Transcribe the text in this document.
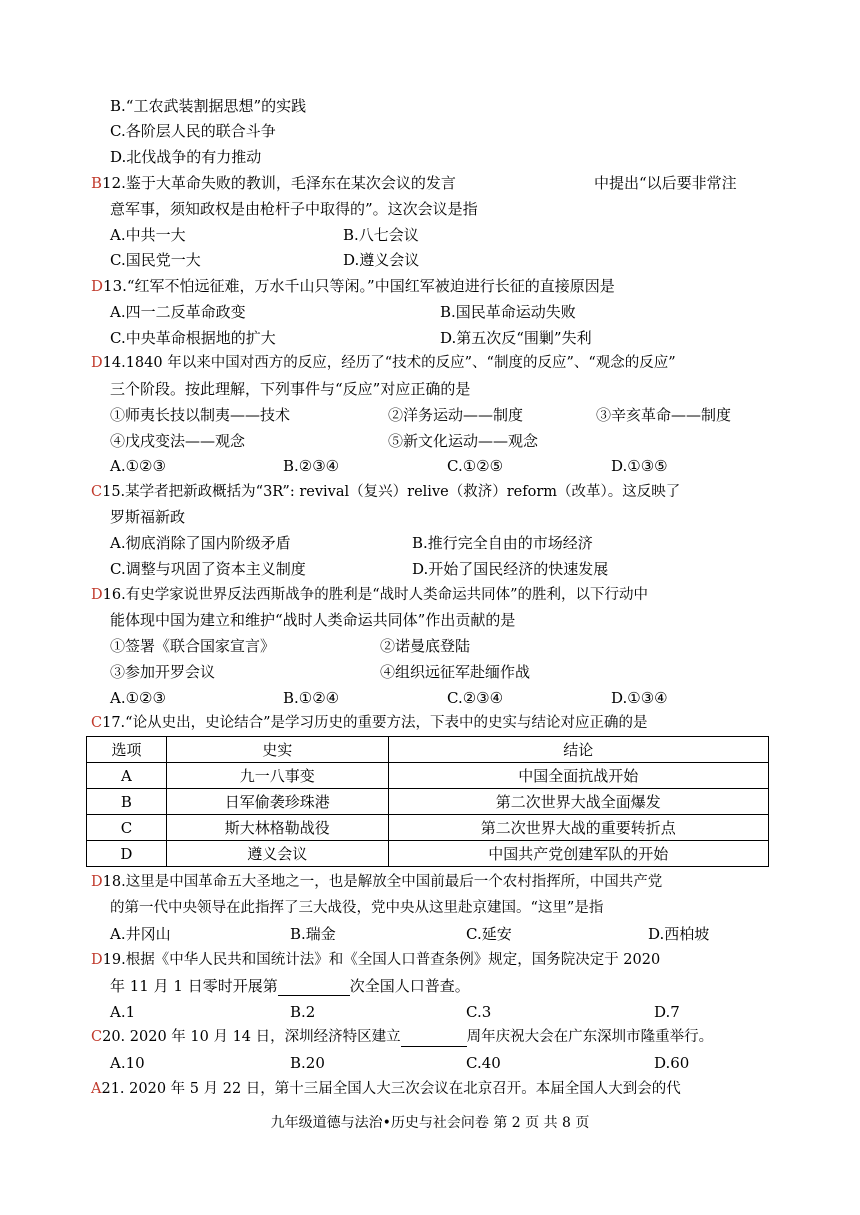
B.“工农武装割据思想”的实践
C.各阶层人民的联合斗争
D.北伐战争的有力推动
B12.鉴于大革命失败的教训，毛泽东在某次会议的发言	中提出“以后要非常注
意军事，须知政权是由枪杆子中取得的”。这次会议是指
A.中共一大	B.八七会议
C.国民党一大	D.遵义会议
D13.“红军不怕远征难，万水千山只等闲。”中国红军被迫进行长征的直接原因是
A.四一二反革命政变	B.国民革命运动失败
C.中央革命根据地的扩大	D.第五次反“围剿”失利
D14.1840 年以来中国对西方的反应，经历了“技术的反应”、“制度的反应”、“观念的反应”
三个阶段。按此理解，下列事件与“反应”对应正确的是
①师夷长技以制夷——技术	②洋务运动——制度	③辛亥革命——制度
④戊戌变法——观念	⑤新文化运动——观念
A.①②③	B.②③④	C.①②⑤	D.①③⑤
C15.某学者把新政概括为“3R”: revival（复兴）relive（救济）reform（改革）。这反映了
罗斯福新政
A.彻底消除了国内阶级矛盾	B.推行完全自由的市场经济
C.调整与巩固了资本主义制度	D.开始了国民经济的快速发展
D16.有史学家说世界反法西斯战争的胜利是“战时人类命运共同体”的胜利，以下行动中
能体现中国为建立和维护“战时人类命运共同体”作出贡献的是
①签署《联合国家宣言》	②诺曼底登陆
③参加开罗会议	④组织远征军赴缅作战
A.①②③	B.①②④	C.②③④	D.①③④
C17.“论从史出，史论结合”是学习历史的重要方法，下表中的史实与结论对应正确的是
选项	史实	结论
A	九一八事变	中国全面抗战开始
B	日军偷袭珍珠港	第二次世界大战全面爆发
C	斯大林格勒战役	第二次世界大战的重要转折点
D	遵义会议	中国共产党创建军队的开始
D18.这里是中国革命五大圣地之一，也是解放全中国前最后一个农村指挥所，中国共产党
的第一代中央领导在此指挥了三大战役，党中央从这里赴京建国。“这里”是指
A.井冈山	B.瑞金	C.延安	D.西柏坡
D19.根据《中华人民共和国统计法》和《全国人口普查条例》规定，国务院决定于 2020
年 11 月 1 日零时开展第	次全国人口普查。
A.1	B.2	C.3	D.7
C20. 2020 年 10 月 14 日，深圳经济特区建立	周年庆祝大会在广东深圳市隆重举行。
A.10	B.20	C.40	D.60
A21. 2020 年 5 月 22 日，第十三届全国人大三次会议在北京召开。本届全国人大到会的代
九年级道德与法治•历史与社会问卷 第 2 页 共 8 页
